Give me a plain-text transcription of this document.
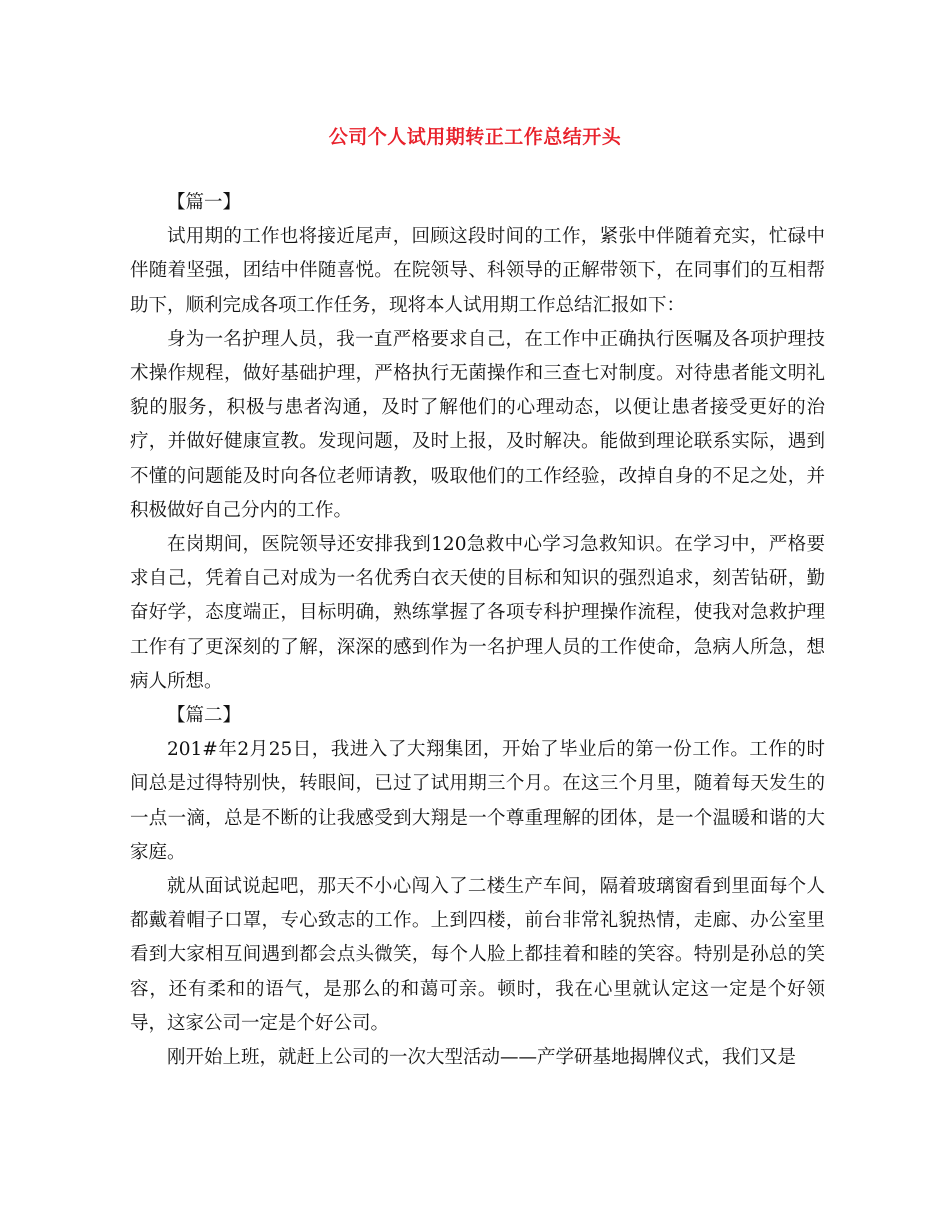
公司个人试用期转正工作总结开头

【篇一】

试用期的工作也将接近尾声，回顾这段时间的工作，紧张中伴随着充实，忙碌中伴随着坚强，团结中伴随喜悦。在院领导、科领导的正解带领下，在同事们的互相帮助下，顺利完成各项工作任务，现将本人试用期工作总结汇报如下：

身为一名护理人员，我一直严格要求自己，在工作中正确执行医嘱及各项护理技术操作规程，做好基础护理，严格执行无菌操作和三查七对制度。对待患者能文明礼貌的服务，积极与患者沟通，及时了解他们的心理动态，以便让患者接受更好的治疗，并做好健康宣教。发现问题，及时上报，及时解决。能做到理论联系实际，遇到不懂的问题能及时向各位老师请教，吸取他们的工作经验，改掉自身的不足之处，并积极做好自己分内的工作。

在岗期间，医院领导还安排我到120急救中心学习急救知识。在学习中，严格要求自己，凭着自己对成为一名优秀白衣天使的目标和知识的强烈追求，刻苦钻研，勤奋好学，态度端正，目标明确，熟练掌握了各项专科护理操作流程，使我对急救护理工作有了更深刻的了解，深深的感到作为一名护理人员的工作使命，急病人所急，想病人所想。

【篇二】

201#年2月25日，我进入了大翔集团，开始了毕业后的第一份工作。工作的时间总是过得特别快，转眼间，已过了试用期三个月。在这三个月里，随着每天发生的一点一滴，总是不断的让我感受到大翔是一个尊重理解的团体，是一个温暖和谐的大家庭。

就从面试说起吧，那天不小心闯入了二楼生产车间，隔着玻璃窗看到里面每个人都戴着帽子口罩，专心致志的工作。上到四楼，前台非常礼貌热情，走廊、办公室里看到大家相互间遇到都会点头微笑，每个人脸上都挂着和睦的笑容。特别是孙总的笑容，还有柔和的语气，是那么的和蔼可亲。顿时，我在心里就认定这一定是个好领导，这家公司一定是个好公司。

刚开始上班，就赶上公司的一次大型活动——产学研基地揭牌仪式，我们又是
